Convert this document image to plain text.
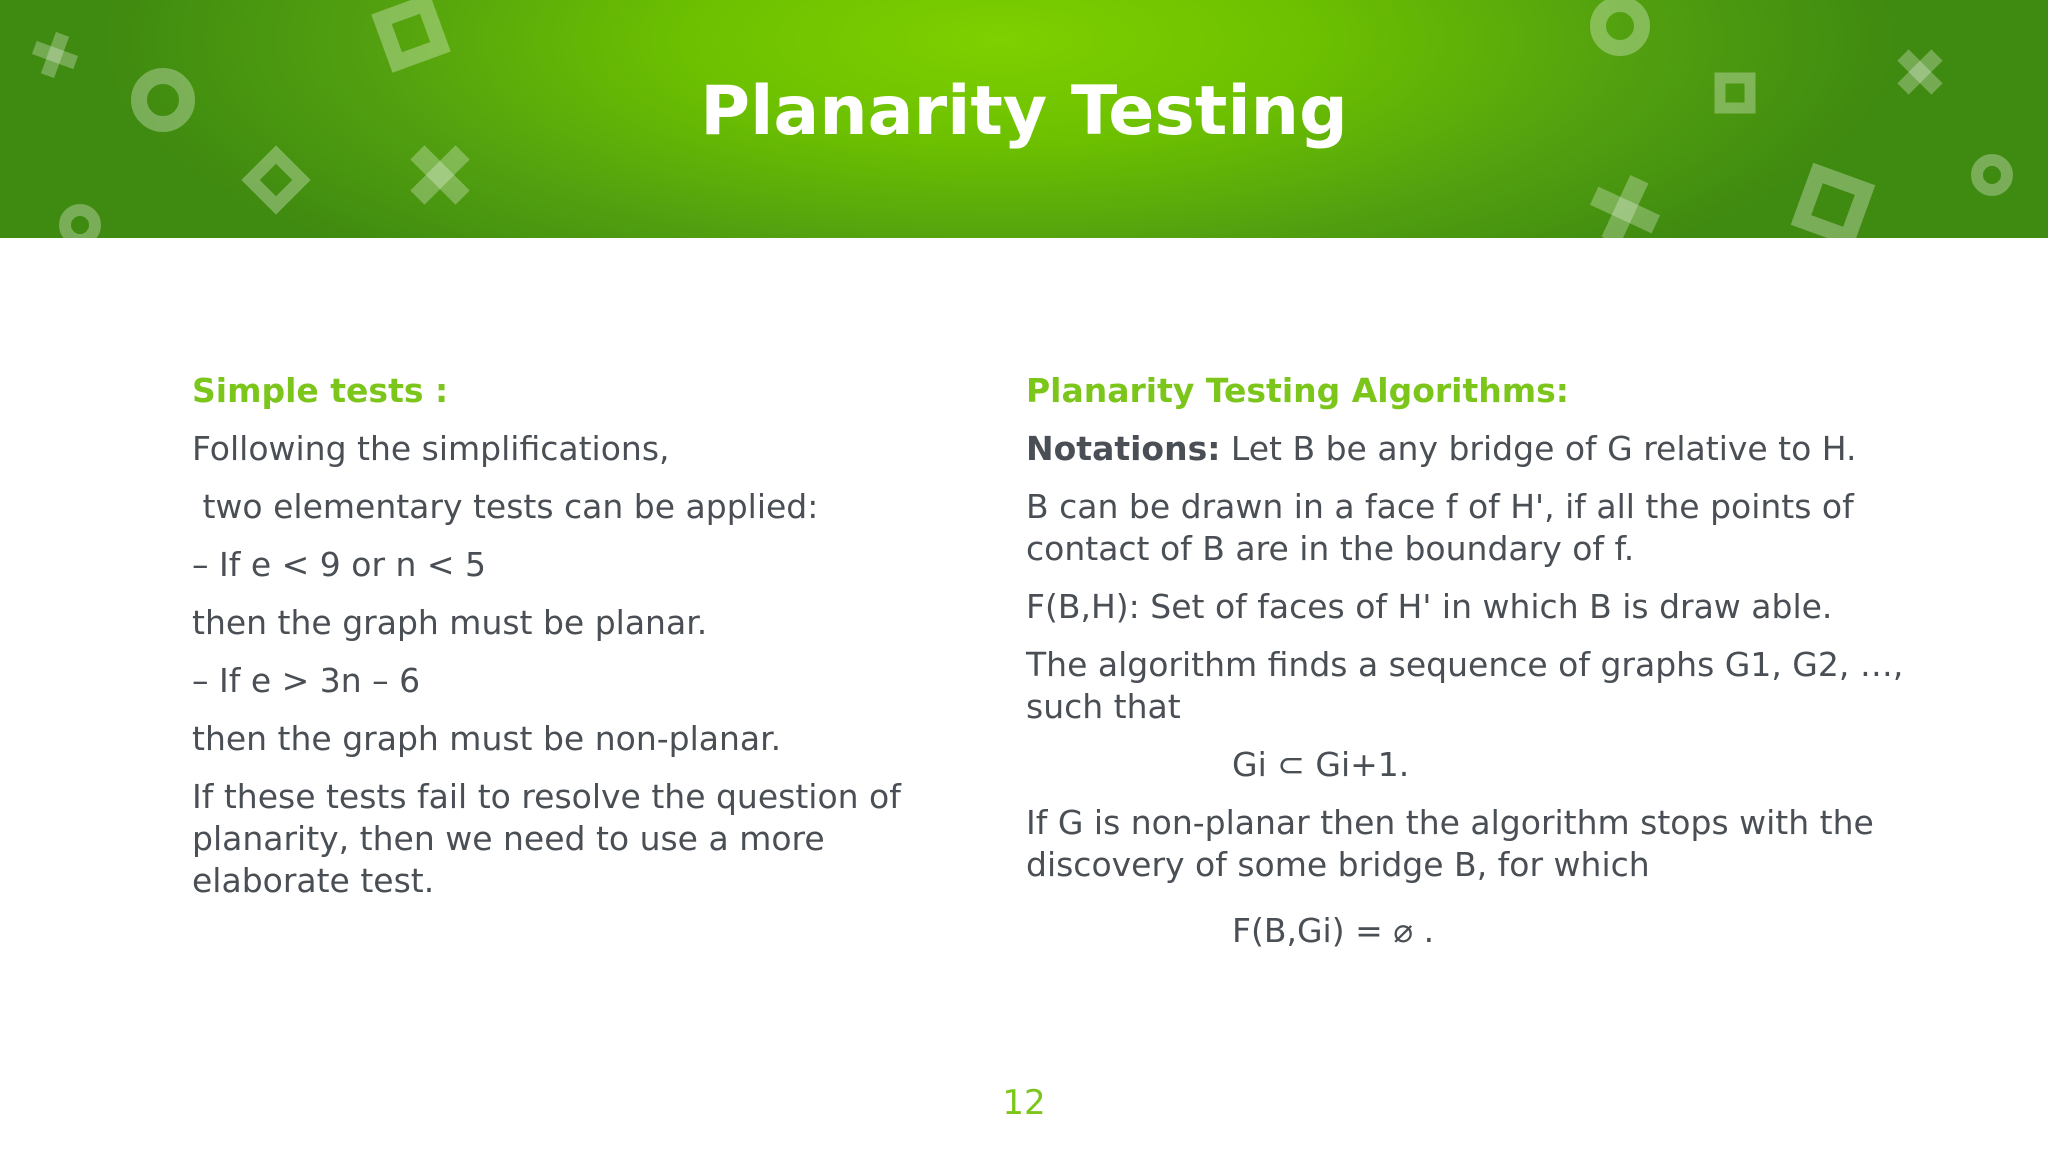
Planarity Testing

Simple tests :

Following the simplifications,

two elementary tests can be applied:

– If e < 9 or n < 5

then the graph must be planar.

– If e > 3n – 6

then the graph must be non-planar.

If these tests fail to resolve the question of planarity, then we need to use a more elaborate test.

Planarity Testing Algorithms:

Notations: Let B be any bridge of G relative to H.

B can be drawn in a face f of H', if all the points of contact of B are in the boundary of f.

F(B,H): Set of faces of H' in which B is draw able.

The algorithm finds a sequence of graphs G1, G2, …,  such that

Gi ⊂ Gi+1.

If G is non-planar then the algorithm stops with the discovery of some bridge B, for which

F(B,Gi) = ⌀ .

12
